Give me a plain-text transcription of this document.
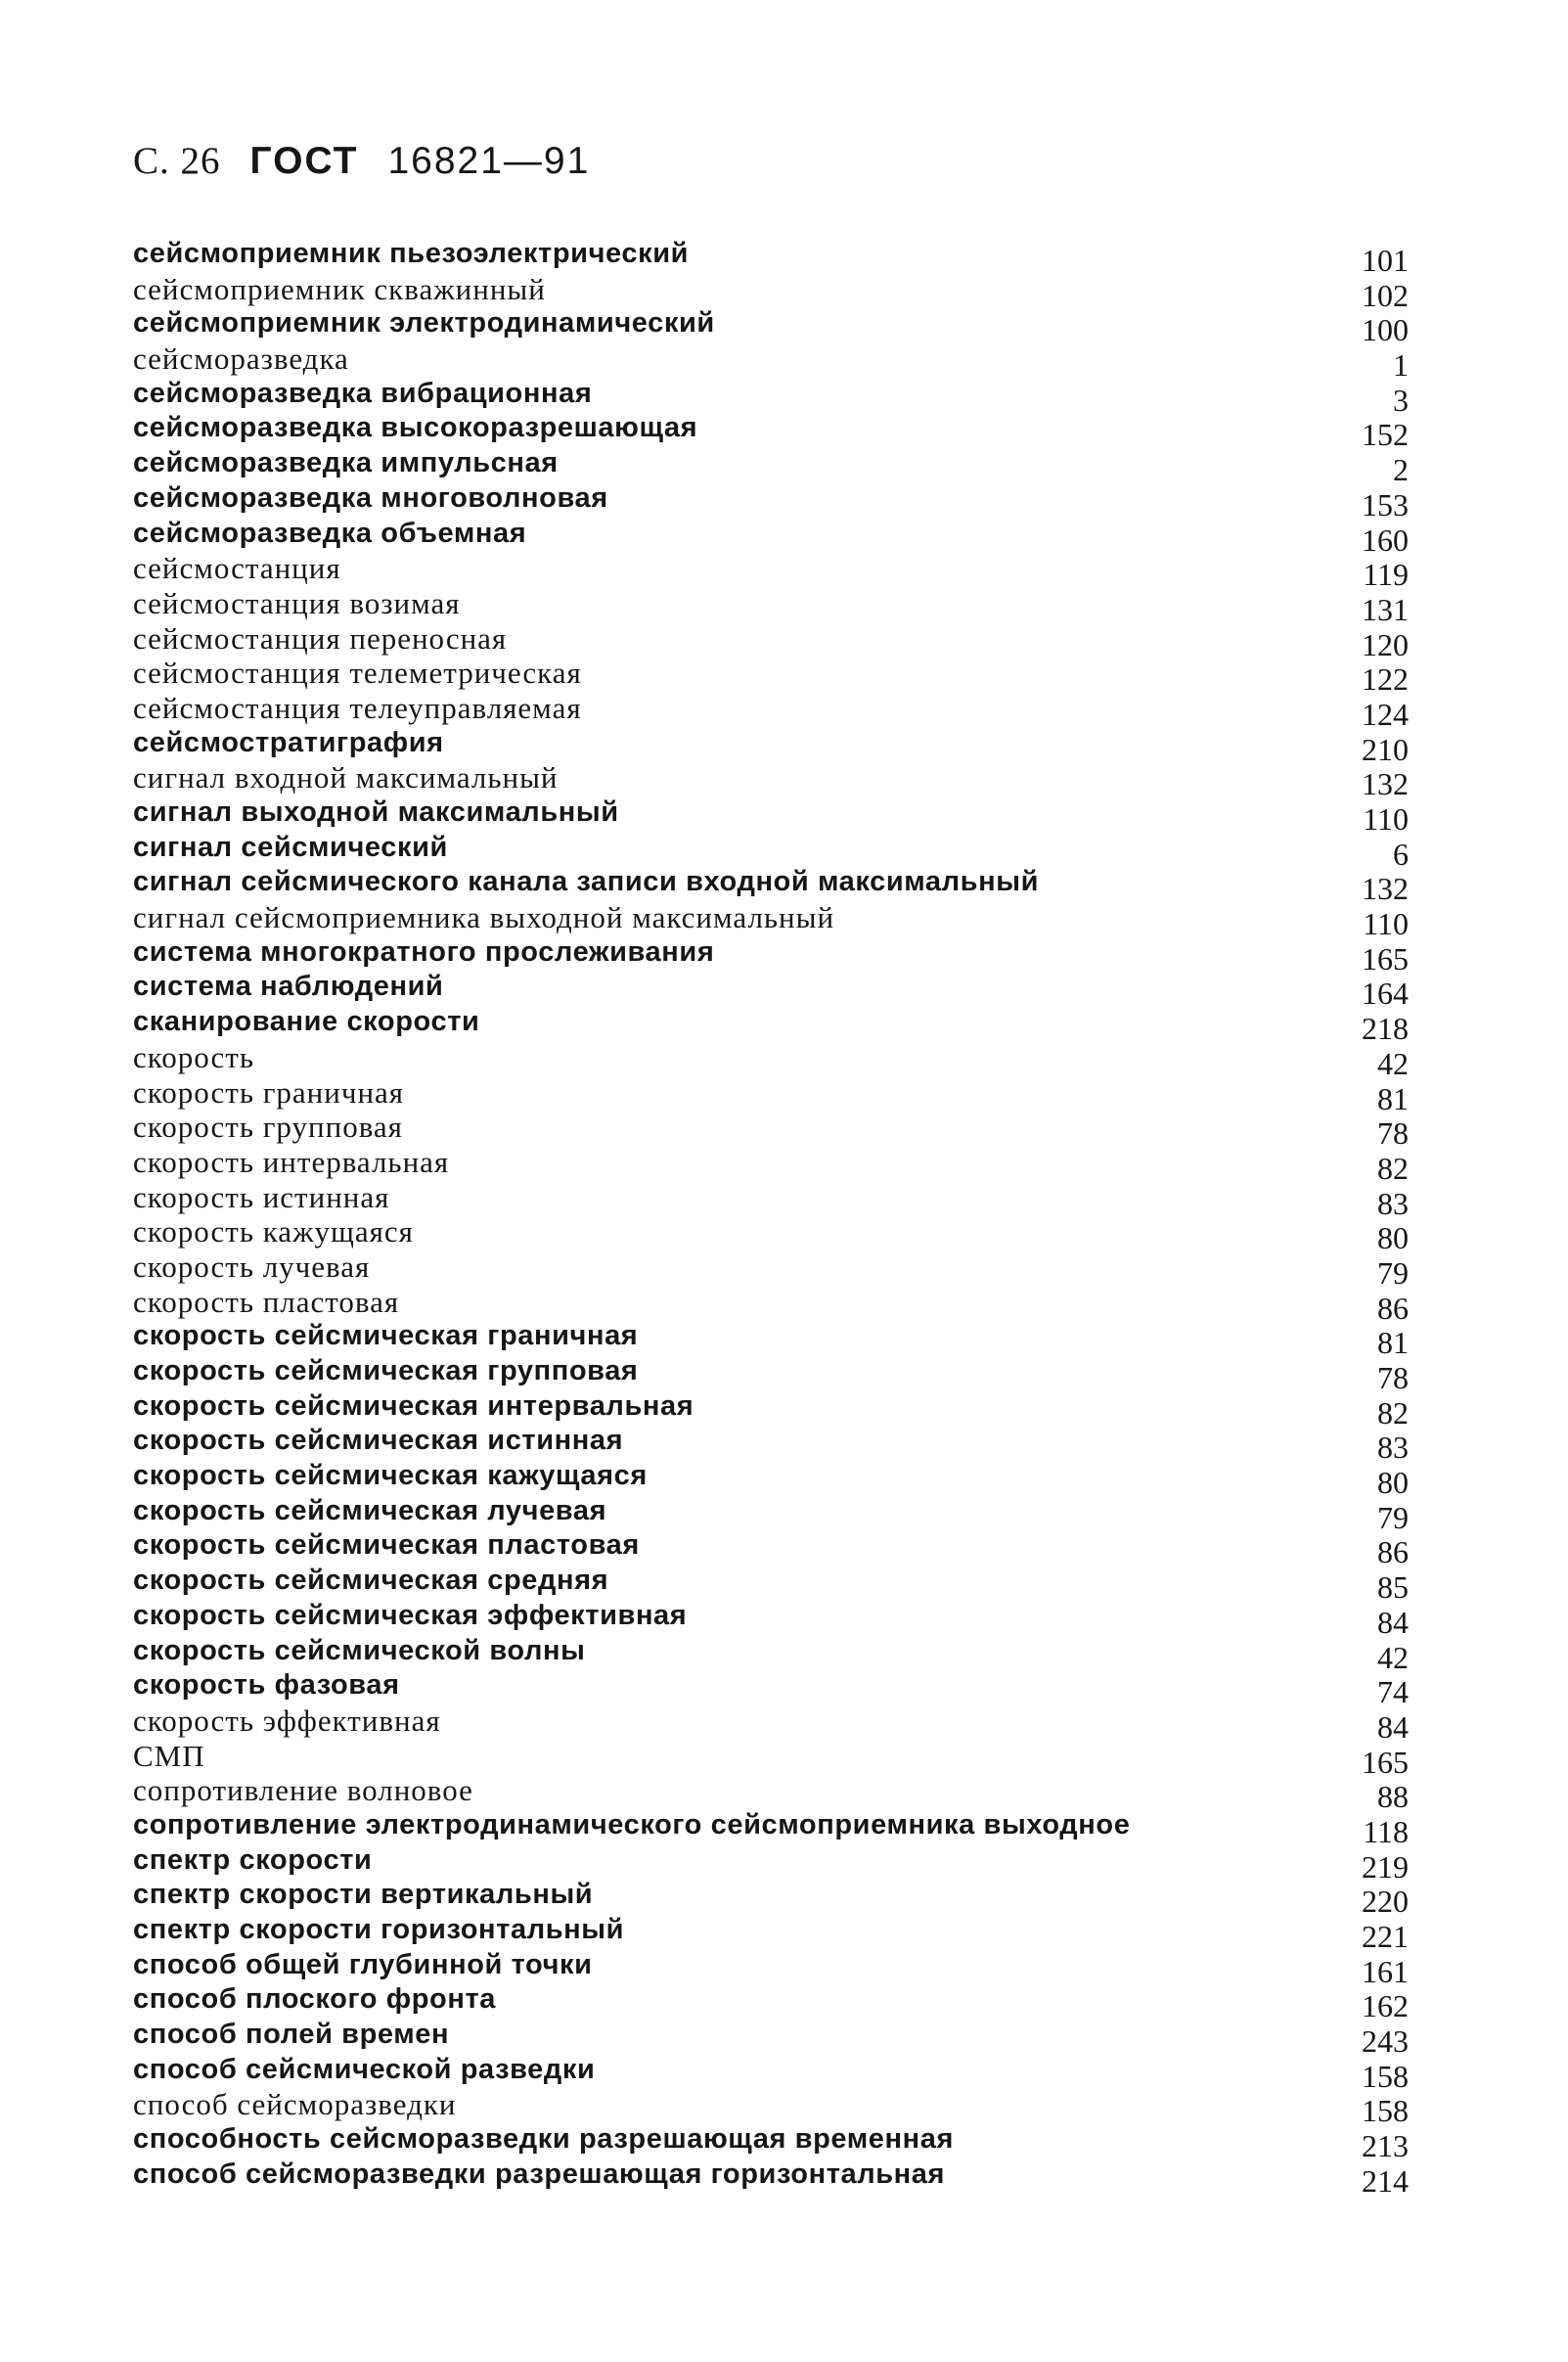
С. 26 ГОСТ 16821—91
сейсмоприемник пьезоэлектрический	101
сейсмоприемник скважинный	102
сейсмоприемник электродинамический	100
сейсморазведка	1
сейсморазведка вибрационная	3
сейсморазведка высокоразрешающая	152
сейсморазведка импульсная	2
сейсморазведка многоволновая	153
сейсморазведка объемная	160
сейсмостанция	119
сейсмостанция возимая	131
сейсмостанция переносная	120
сейсмостанция телеметрическая	122
сейсмостанция телеуправляемая	124
сейсмостратиграфия	210
сигнал входной максимальный	132
сигнал выходной максимальный	110
сигнал сейсмический	6
сигнал сейсмического канала записи входной максимальный	132
сигнал сейсмоприемника выходной максимальный	110
система многократного прослеживания	165
система наблюдений	164
сканирование скорости	218
скорость	42
скорость граничная	81
скорость групповая	78
скорость интервальная	82
скорость истинная	83
скорость кажущаяся	80
скорость лучевая	79
скорость пластовая	86
скорость сейсмическая граничная	81
скорость сейсмическая групповая	78
скорость сейсмическая интервальная	82
скорость сейсмическая истинная	83
скорость сейсмическая кажущаяся	80
скорость сейсмическая лучевая	79
скорость сейсмическая пластовая	86
скорость сейсмическая средняя	85
скорость сейсмическая эффективная	84
скорость сейсмической волны	42
скорость фазовая	74
скорость эффективная	84
СМП	165
сопротивление волновое	88
сопротивление электродинамического сейсмоприемника выходное	118
спектр скорости	219
спектр скорости вертикальный	220
спектр скорости горизонтальный	221
способ общей глубинной точки	161
способ плоского фронта	162
способ полей времен	243
способ сейсмической разведки	158
способ сейсморазведки	158
способность сейсморазведки разрешающая временная	213
способ сейсморазведки разрешающая горизонтальная	214
